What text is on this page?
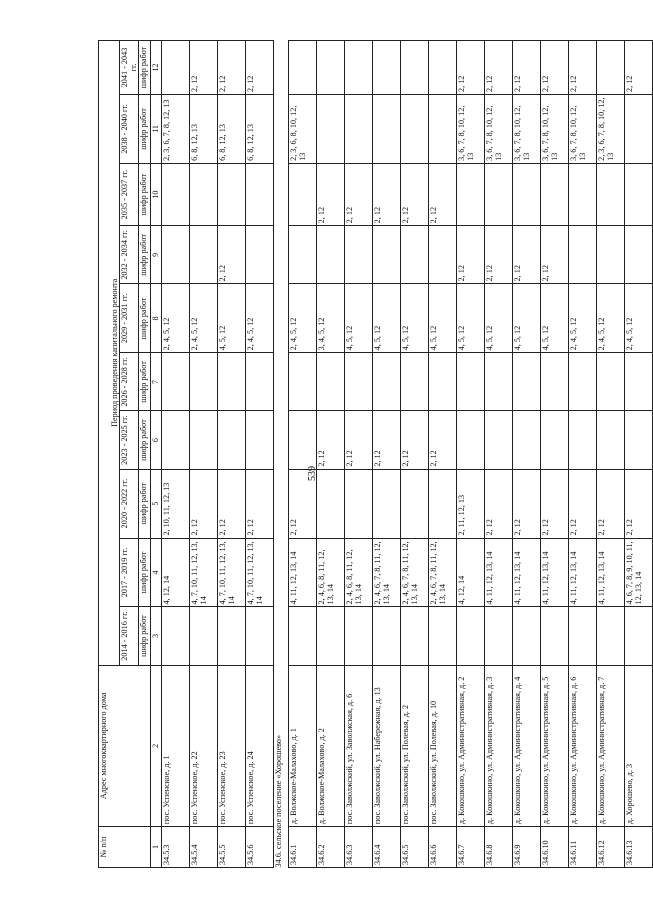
539
№ п/п	Адрес многоквартирного дома	Период проведения капитального ремонта									
		2014 - 2016 гг.	2017 - 2019 гг.	2020 - 2022 гг.	2023 - 2025 гг.	2026 - 2028 гг.	2029 - 2031 гг.	2032 - 2034 гг.	2035 - 2037 гг.	2038 - 2040 гг.	2041 - 2043 гг.
		шифр работ	шифр работ	шифр работ	шифр работ	шифр работ	шифр работ	шифр работ	шифр работ	шифр работ	шифр работ
1	2	3	4	5	6	7	8	9	10	11	12
34.5.3	пос. Успенское, д. 1		4, 12, 14	2, 10, 11, 12, 13			2, 4, 5, 12			2, 3, 6, 7, 8, 12, 13	
34.5.4	пос. Успенское, д. 22		4, 7, 10, 11, 12, 13, 14	2, 12			2, 4, 5, 12			6, 8, 12, 13	2, 12
34.5.5	пос. Успенское, д. 23		4, 7, 10, 11, 12, 13, 14	2, 12			4, 5, 12	2, 12		6, 8, 12, 13	2, 12
34.5.6	пос. Успенское, д. 24		4, 7, 10, 11, 12, 13, 14	2, 12			2, 4, 5, 12			6, 8, 12, 13	2, 12
34.6. сельское поселение «Хорошево»											
34.6.1	д. Волжское-Малахово, д. 1		4, 11, 12, 13, 14	2, 12			2, 4, 5, 12			2, 3, 6, 8, 10, 12, 13	
34.6.2	д. Волжское-Малахово, д. 2		2, 4, 6, 8, 11, 12, 13, 14		2, 12		3, 4, 5, 12		2, 12		
34.6.3	пос. Заволжский, ул. Заволжская, д. 6		2, 4, 6, 8, 11, 12, 13, 14		2, 12		4, 5, 12		2, 12		
34.6.4	пос. Заволжский, ул. Набережная, д. 13		2, 4, 6, 7, 8, 11, 12, 13, 14		2, 12		4, 5, 12		2, 12		
34.6.5	пос. Заволжский, ул. Полевая, д. 2		2, 4, 6, 7, 8, 11, 12, 13, 14		2, 12		4, 5, 12		2, 12		
34.6.6	пос. Заволжский, ул. Полевая, д. 10		2, 4, 6, 7, 8, 11, 12, 13, 14		2, 12		4, 5, 12		2, 12		
34.6.7	д. Кокошкино, ул. Административная, д. 2		4, 12, 14	2, 11, 12, 13			4, 5, 12	2, 12		3, 6, 7, 8, 10, 12, 13	2, 12
34.6.8	д. Кокошкино, ул. Административная, д. 3		4, 11, 12, 13, 14	2, 12			4, 5, 12	2, 12		3, 6, 7, 8, 10, 12, 13	2, 12
34.6.9	д. Кокошкино, ул. Административная, д. 4		4, 11, 12, 13, 14	2, 12			4, 5, 12	2, 12		3, 6, 7, 8, 10, 12, 13	2, 12
34.6.10	д. Кокошкино, ул. Административная, д. 5		4, 11, 12, 13, 14	2, 12			4, 5, 12	2, 12		3, 6, 7, 8, 10, 12, 13	2, 12
34.6.11	д. Кокошкино, ул. Административная, д. 6		4, 11, 12, 13, 14	2, 12			2, 4, 5, 12			3, 6, 7, 8, 10, 12, 13	2, 12
34.6.12	д. Кокошкино, ул. Административная, д. 7		4, 11, 12, 13, 14	2, 12			2, 4, 5, 12			2, 3, 6, 7, 8, 10, 12, 13	
34.6.13	д. Хорошево, д. 3		4, 6, 7, 8, 9, 10, 11, 12, 13, 14	2, 12			2, 4, 5, 12				2, 12
